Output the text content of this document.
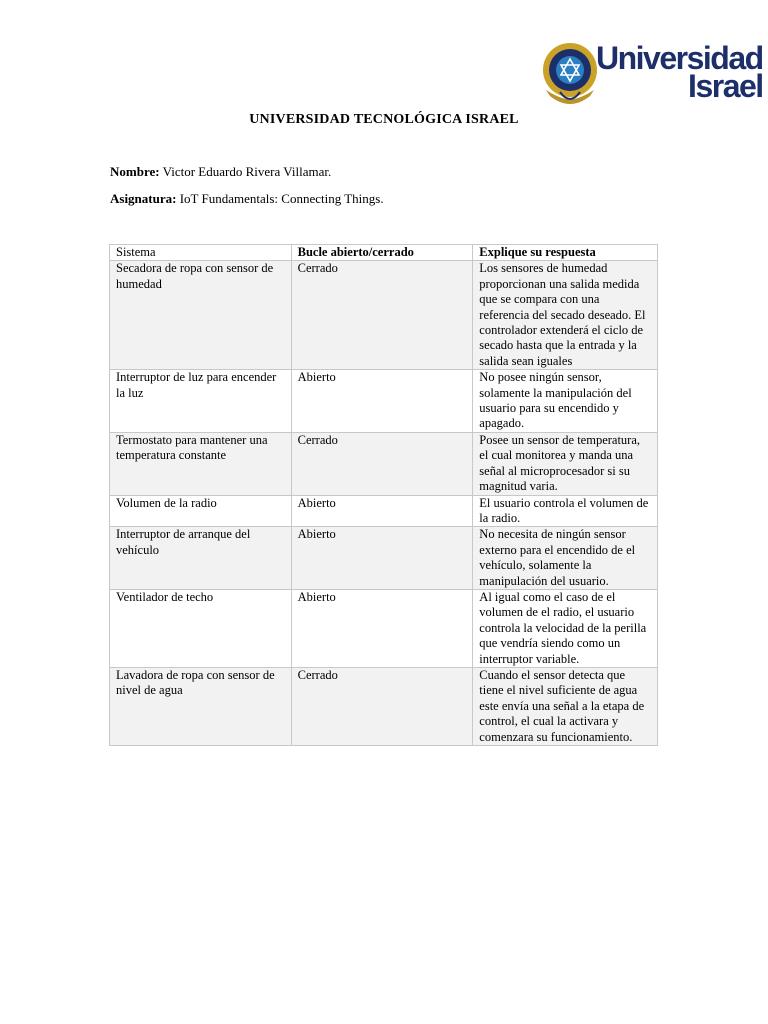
Universidad
Israel
UNIVERSIDAD TECNOLÓGICA ISRAEL
Nombre: Victor Eduardo Rivera Villamar.
Asignatura: IoT Fundamentals: Connecting Things.
Sistema	Bucle abierto/cerrado	Explique su respuesta
Secadora de ropa con sensor de humedad	Cerrado	Los sensores de humedad proporcionan una salida medida que se compara con una referencia del secado deseado. El controlador extenderá el ciclo de secado hasta que la entrada y la salida sean iguales
Interruptor de luz para encender la luz	Abierto	No posee ningún sensor, solamente la manipulación del usuario para su encendido y apagado.
Termostato para mantener una temperatura constante	Cerrado	Posee un sensor de temperatura, el cual monitorea y manda una señal al microprocesador si su magnitud varia.
Volumen de la radio	Abierto	El usuario controla el volumen de la radio.
Interruptor de arranque del vehículo	Abierto	No necesita de ningún sensor externo para el encendido de el vehículo, solamente la manipulación del usuario.
Ventilador de techo	Abierto	Al igual como el caso de el volumen de el radio, el usuario controla la velocidad de la perilla que vendría siendo como un interruptor variable.
Lavadora de ropa con sensor de nivel de agua	Cerrado	Cuando el sensor detecta que tiene el nivel suficiente de agua este envía una señal a la etapa de control, el cual la activara y comenzara su funcionamiento.
